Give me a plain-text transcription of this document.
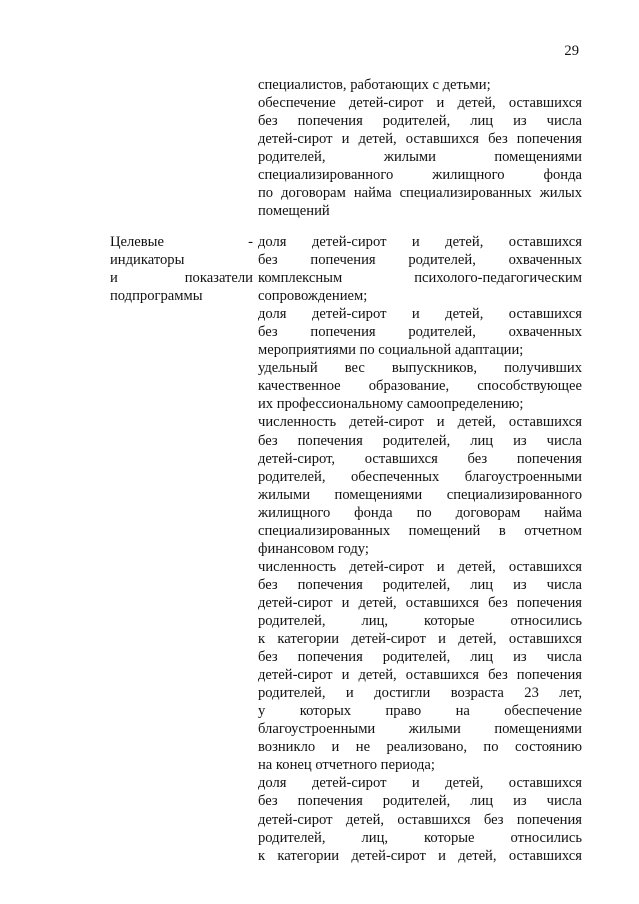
29
специалистов, работающих с детьми;
обеспечение детей-сирот и детей, оставшихся
без попечения родителей, лиц из числа
детей-сирот и детей, оставшихся без попечения
родителей, жилыми помещениями
специализированного жилищного фонда
по договорам найма специализированных жилых
помещений
Целевые -
индикаторы
и показатели
подпрограммы
доля детей-сирот и детей, оставшихся
без попечения родителей, охваченных
комплексным психолого-педагогическим
сопровождением;
доля детей-сирот и детей, оставшихся
без попечения родителей, охваченных
мероприятиями по социальной адаптации;
удельный вес выпускников, получивших
качественное образование, способствующее
их профессиональному самоопределению;
численность детей-сирот и детей, оставшихся
без попечения родителей, лиц из числа
детей-сирот, оставшихся без попечения
родителей, обеспеченных благоустроенными
жилыми помещениями специализированного
жилищного фонда по договорам найма
специализированных помещений в отчетном
финансовом году;
численность детей-сирот и детей, оставшихся
без попечения родителей, лиц из числа
детей-сирот и детей, оставшихся без попечения
родителей, лиц, которые относились
к категории детей-сирот и детей, оставшихся
без попечения родителей, лиц из числа
детей-сирот и детей, оставшихся без попечения
родителей, и достигли возраста 23 лет,
у которых право на обеспечение
благоустроенными жилыми помещениями
возникло и не реализовано, по состоянию
на конец отчетного периода;
доля детей-сирот и детей, оставшихся
без попечения родителей, лиц из числа
детей-сирот детей, оставшихся без попечения
родителей, лиц, которые относились
к категории детей-сирот и детей, оставшихся
